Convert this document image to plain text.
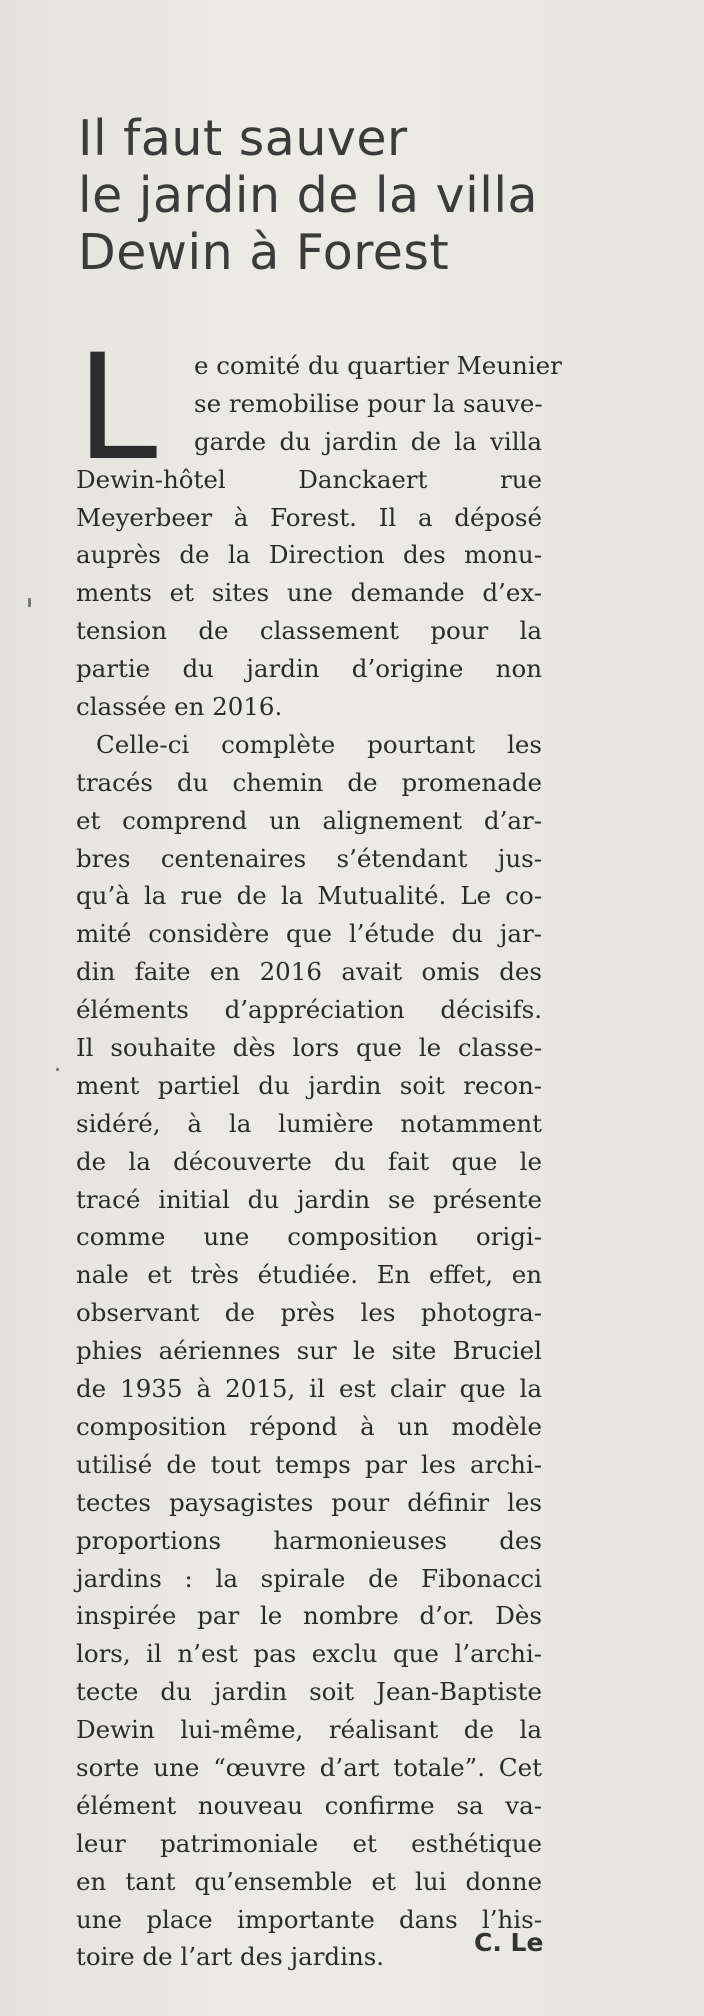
Il faut sauver
le jardin de la villa
Dewin à Forest
L	e comité du quartier Meunier
se remobilise pour la sauve-
garde du jardin de la villa
Dewin-hôtel Danckaert rue
Meyerbeer à Forest. Il a déposé
auprès de la Direction des monu-
ments et sites une demande d’ex-
tension de classement pour la
partie du jardin d’origine non
classée en 2016.
Celle-ci complète pourtant les
tracés du chemin de promenade
et comprend un alignement d’ar-
bres centenaires s’étendant jus-
qu’à la rue de la Mutualité. Le co-
mité considère que l’étude du jar-
din faite en 2016 avait omis des
éléments d’appréciation décisifs.
Il souhaite dès lors que le classe-
ment partiel du jardin soit recon-
sidéré, à la lumière notamment
de la découverte du fait que le
tracé initial du jardin se présente
comme une composition origi-
nale et très étudiée. En effet, en
observant de près les photogra-
phies aériennes sur le site Bruciel
de 1935 à 2015, il est clair que la
composition répond à un modèle
utilisé de tout temps par les archi-
tectes paysagistes pour définir les
proportions harmonieuses des
jardins : la spirale de Fibonacci
inspirée par le nombre d’or. Dès
lors, il n’est pas exclu que l’archi-
tecte du jardin soit Jean-Baptiste
Dewin lui-même, réalisant de la
sorte une “œuvre d’art totale”. Cet
élément nouveau confirme sa va-
leur patrimoniale et esthétique
en tant qu’ensemble et lui donne
une place importante dans l’his-
toire de l’art des jardins.	C. Le
